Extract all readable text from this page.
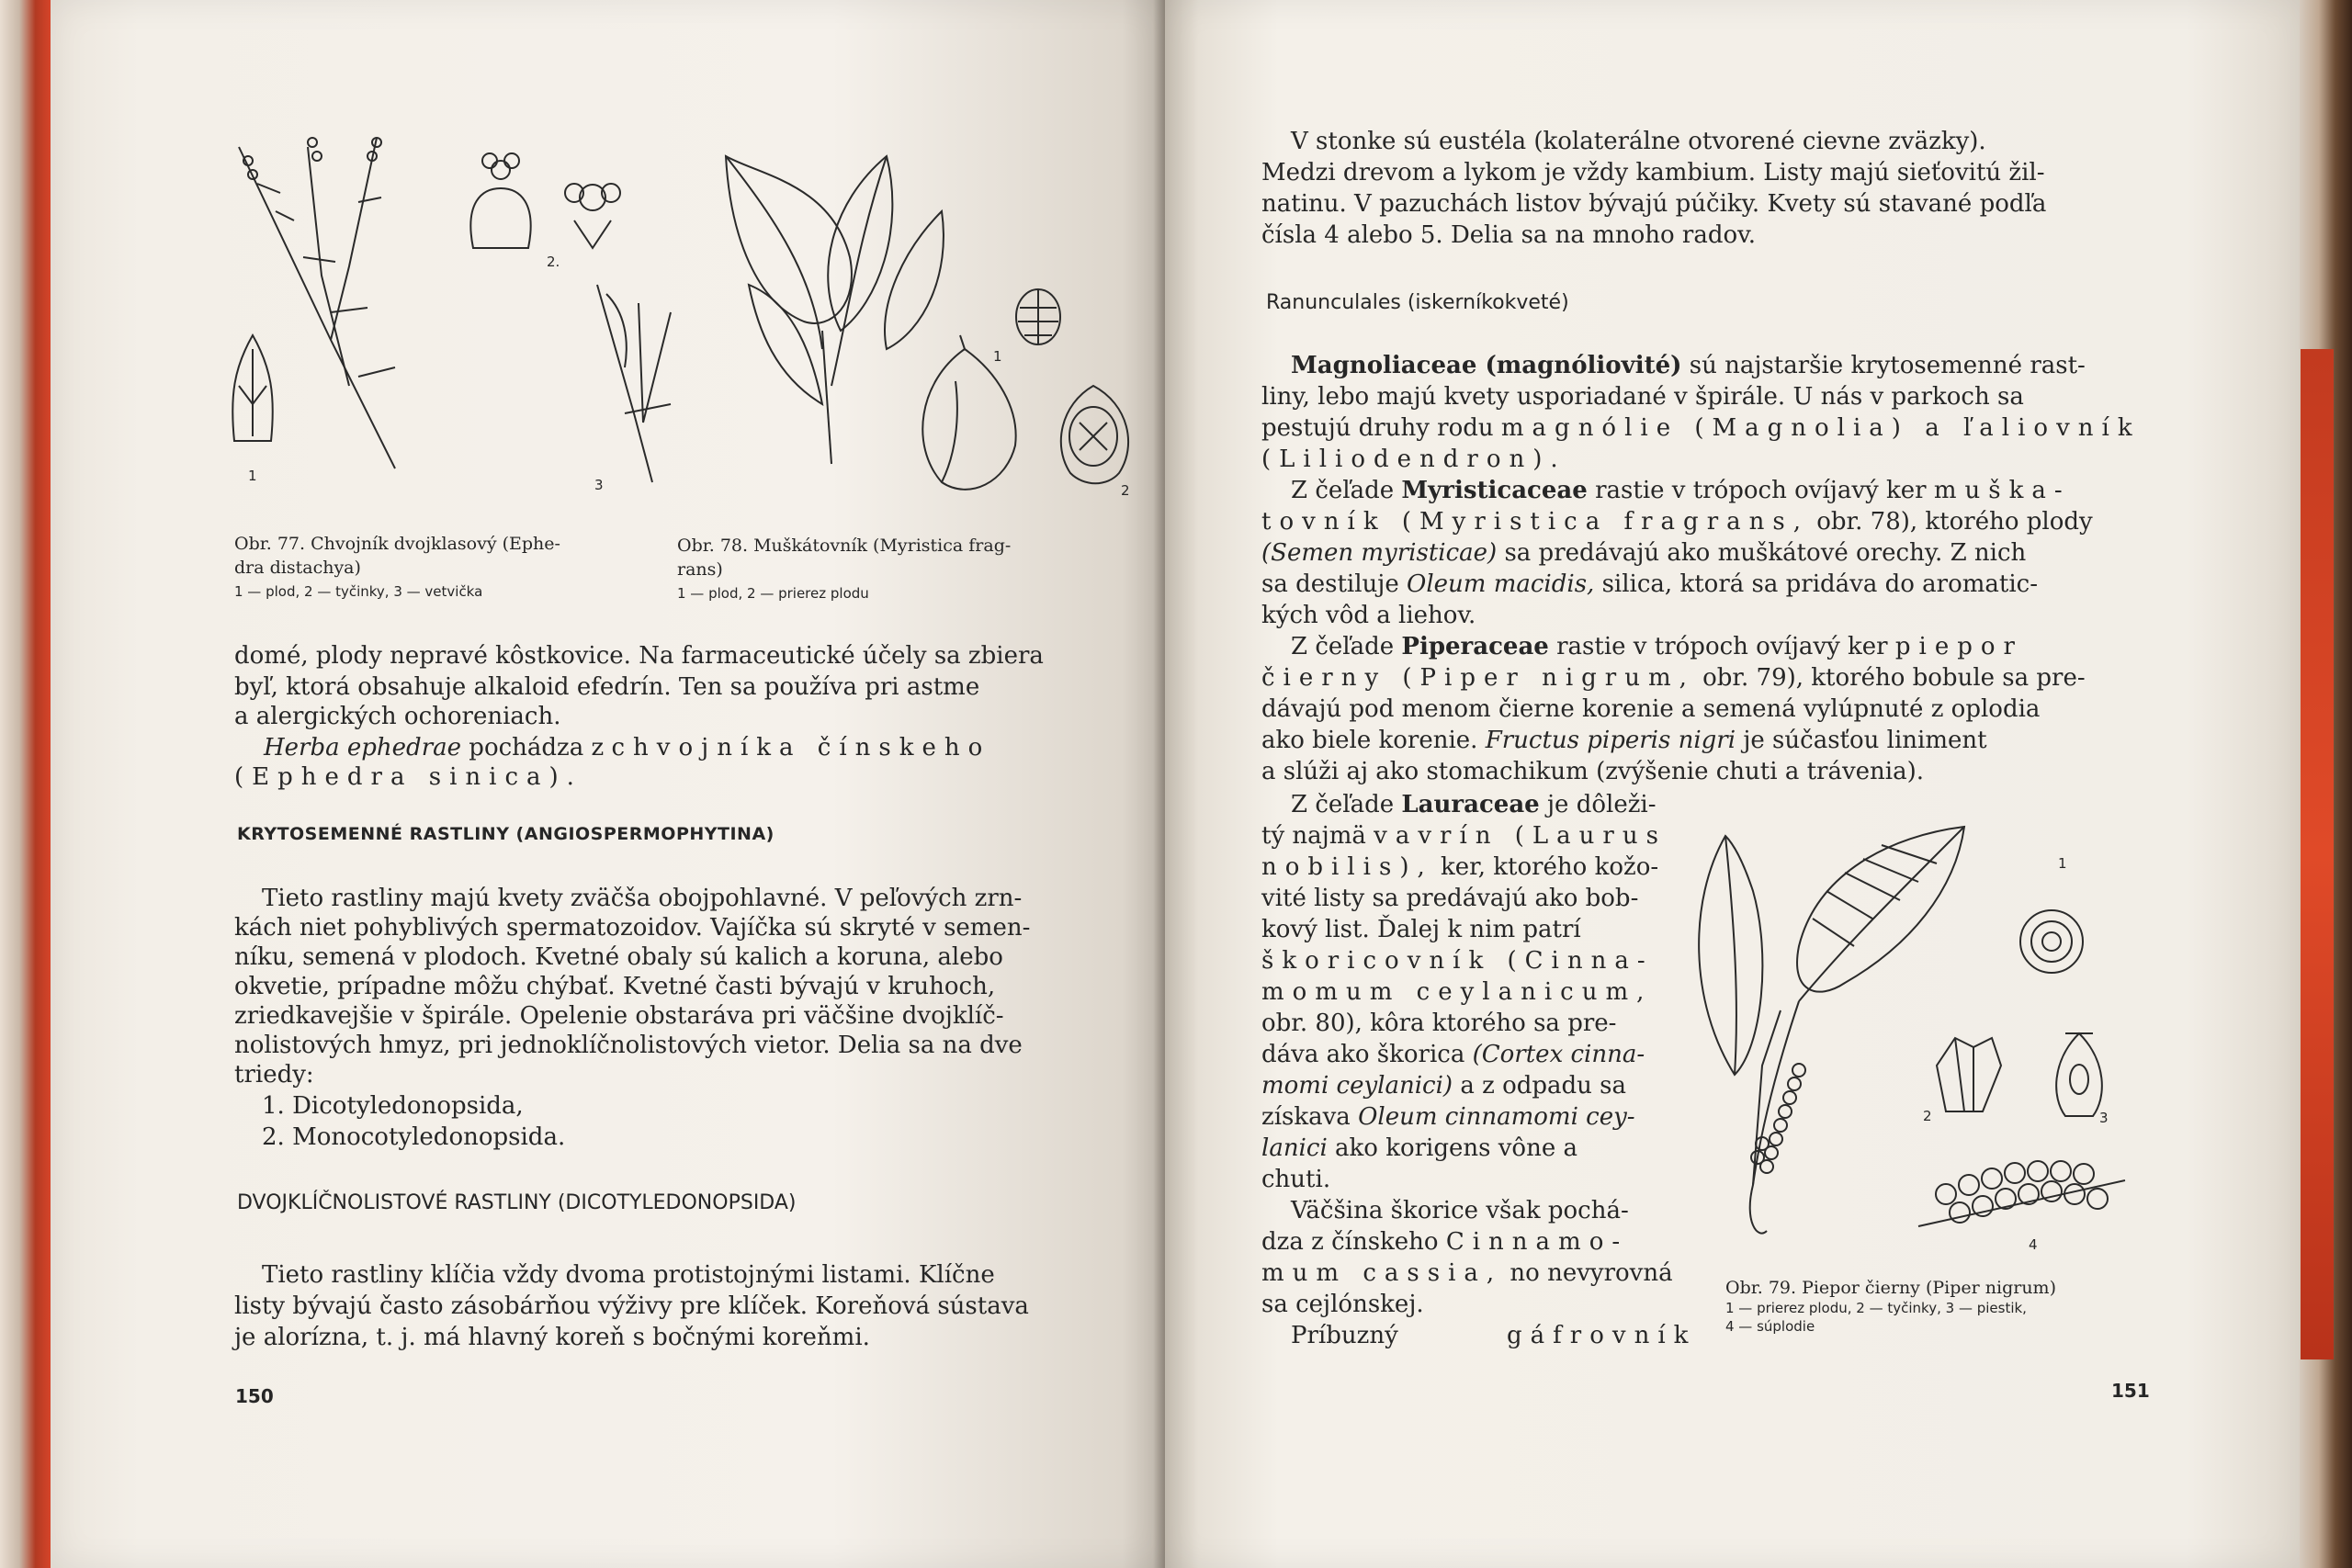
1
2.
3
1
2

Obr. 77. Chvojník dvojklasový (Ephe-

dra distachya)

1 — plod, 2 — tyčinky, 3 — vetvička

Obr. 78. Muškátovník (Myristica frag-

rans)

1 — plod, 2 — prierez plodu

domé, plody nepravé kôstkovice. Na farmaceutické účely sa zbiera

byľ, ktorá obsahuje alkaloid efedrín. Ten sa používa pri astme

a alergických ochoreniach.

Herba ephedrae pochádza z chvojníka čínskeho

(Ephedra sinica).

KRYTOSEMENNÉ RASTLINY (ANGIOSPERMOPHYTINA)

Tieto rastliny majú kvety zväčša obojpohlavné. V peľových zrn-

kách niet pohyblivých spermatozoidov. Vajíčka sú skryté v semen-

níku, semená v plodoch. Kvetné obaly sú kalich a koruna, alebo

okvetie, prípadne môžu chýbať. Kvetné časti bývajú v kruhoch,

zriedkavejšie v špirále. Opelenie obstaráva pri väčšine dvojklíč-

nolistových hmyz, pri jednoklíčnolistových vietor. Delia sa na dve

triedy:

1. Dicotyledonopsida,

2. Monocotyledonopsida.

DVOJKLÍČNOLISTOVÉ RASTLINY (DICOTYLEDONOPSIDA)

Tieto rastliny klíčia vždy dvoma protistojnými listami. Klíčne

listy bývajú často zásobárňou výživy pre klíček. Koreňová sústava

je alorízna, t. j. má hlavný koreň s bočnými koreňmi.

150

V stonke sú eustéla (kolaterálne otvorené cievne zväzky).

Medzi drevom a lykom je vždy kambium. Listy majú sieťovitú žil-

natinu. V pazuchách listov bývajú púčiky. Kvety sú stavané podľa

čísla 4 alebo 5. Delia sa na mnoho radov.

Ranunculales (iskerníkokveté)

Magnoliaceae (magnóliovité) sú najstaršie krytosemenné rast-

liny, lebo majú kvety usporiadané v špirále. U nás v parkoch sa

pestujú druhy rodu magnólie (Magnolia) a ľaliovník

(Liliodendron).

Z čeľade Myristicaceae rastie v trópoch ovíjavý ker muška-

tovník (Myristica fragrans, obr. 78), ktorého plody

(Semen myristicae) sa predávajú ako muškátové orechy. Z nich

sa destiluje Oleum macidis, silica, ktorá sa pridáva do aromatic-

kých vôd a liehov.

Z čeľade Piperaceae rastie v trópoch ovíjavý ker piepor

čierny (Piper nigrum, obr. 79), ktorého bobule sa pre-

dávajú pod menom čierne korenie a semená vylúpnuté z oplodia

ako biele korenie. Fructus piperis nigri je súčasťou liniment

a slúži aj ako stomachikum (zvýšenie chuti a trávenia).

Z čeľade Lauraceae je dôleži-

tý najmä vavrín (Laurus

nobilis), ker, ktorého kožo-

vité listy sa predávajú ako bob-

kový list. Ďalej k nim patrí

škoricovník (Cinna-

momum ceylanicum,

obr. 80), kôra ktorého sa pre-

dáva ako škorica (Cortex cinna-

momi ceylanici) a z odpadu sa

získava Oleum cinnamomi cey-

lanici ako korigens vône a

chuti.

Väčšina škorice však pochá-

dza z čínskeho Cinnamo-

mum cassia, no nevyrovná

sa cejlónskej.

Príbuzný	gáfrovník

1
2	3
4

Obr. 79. Piepor čierny (Piper nigrum)

1 — prierez plodu, 2 — tyčinky, 3 — piestik,

4 — súplodie

151
